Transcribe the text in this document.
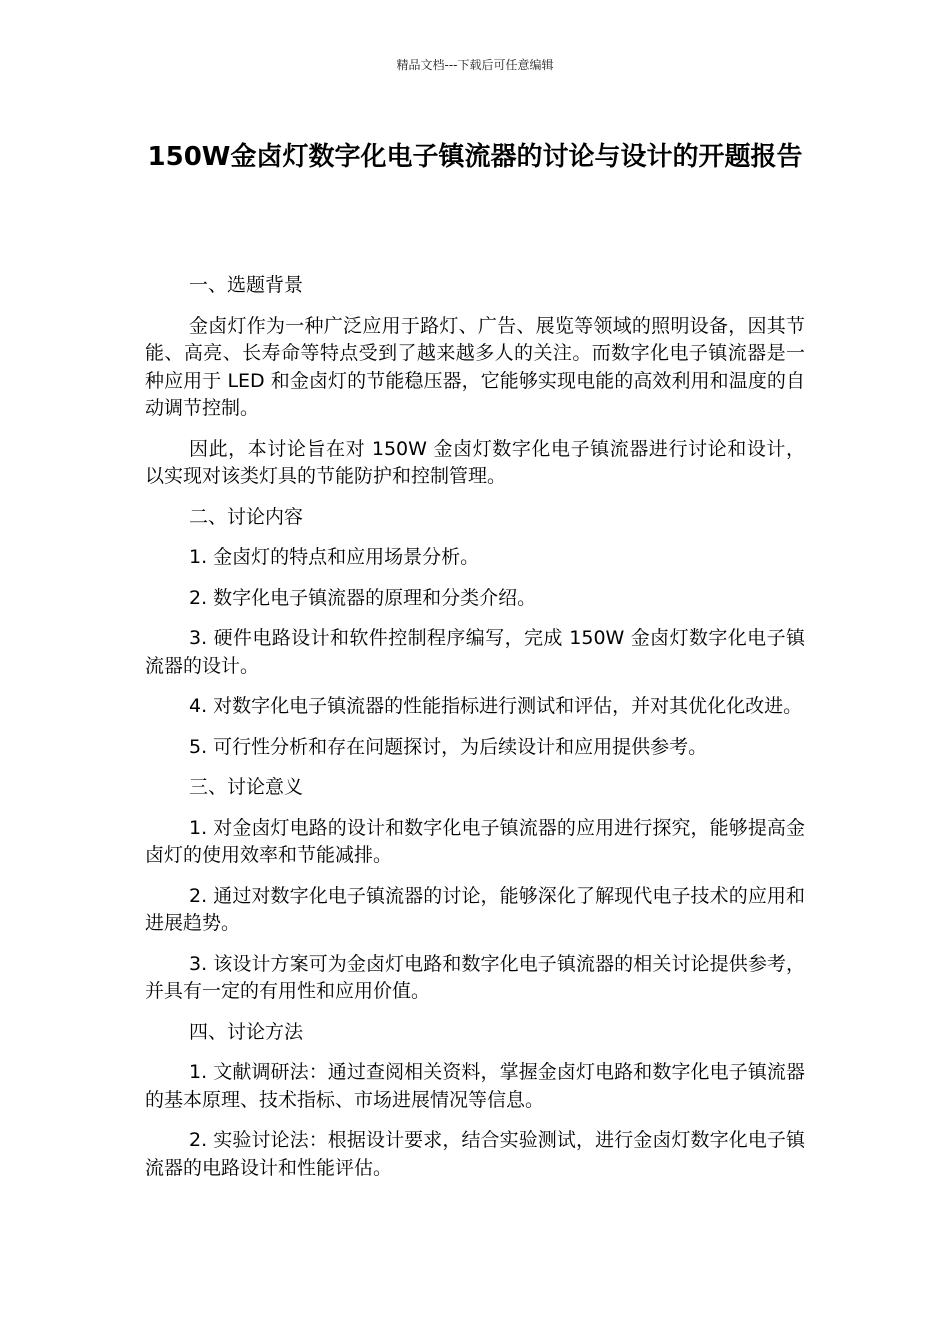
精品文档---下载后可任意编辑
150W金卤灯数字化电子镇流器的讨论与设计的开题报告

一、选题背景

金卤灯作为一种广泛应用于路灯、广告、展览等领域的照明设备，因其节能、高亮、长寿命等特点受到了越来越多人的关注。而数字化电子镇流器是一种应用于 LED 和金卤灯的节能稳压器，它能够实现电能的高效利用和温度的自动调节控制。

因此，本讨论旨在对 150W 金卤灯数字化电子镇流器进行讨论和设计，以实现对该类灯具的节能防护和控制管理。

二、讨论内容

1. 金卤灯的特点和应用场景分析。

2. 数字化电子镇流器的原理和分类介绍。

3. 硬件电路设计和软件控制程序编写，完成 150W 金卤灯数字化电子镇流器的设计。

4. 对数字化电子镇流器的性能指标进行测试和评估，并对其优化化改进。

5. 可行性分析和存在问题探讨，为后续设计和应用提供参考。

三、讨论意义

1. 对金卤灯电路的设计和数字化电子镇流器的应用进行探究，能够提高金卤灯的使用效率和节能减排。

2. 通过对数字化电子镇流器的讨论，能够深化了解现代电子技术的应用和进展趋势。

3. 该设计方案可为金卤灯电路和数字化电子镇流器的相关讨论提供参考，并具有一定的有用性和应用价值。

四、讨论方法

1. 文献调研法：通过查阅相关资料，掌握金卤灯电路和数字化电子镇流器的基本原理、技术指标、市场进展情况等信息。

2. 实验讨论法：根据设计要求，结合实验测试，进行金卤灯数字化电子镇流器的电路设计和性能评估。
